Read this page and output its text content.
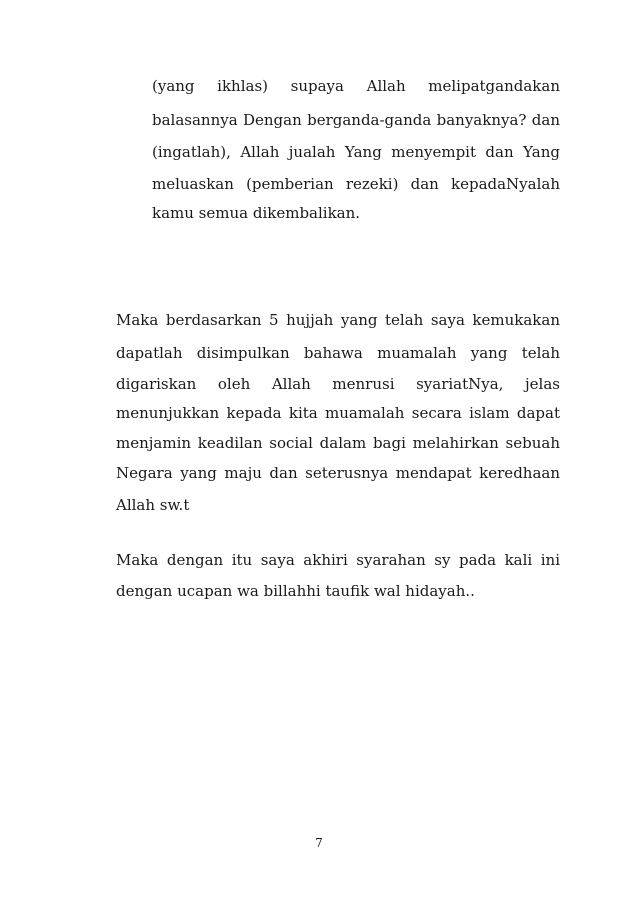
(yang ikhlas) supaya Allah melipatgandakan
balasannya Dengan berganda-ganda banyaknya? dan
(ingatlah), Allah jualah Yang menyempit dan Yang
meluaskan (pemberian rezeki) dan kepadaNyalah
kamu semua dikembalikan.
Maka berdasarkan 5 hujjah yang telah saya kemukakan
dapatlah disimpulkan bahawa muamalah yang telah
digariskan oleh Allah menrusi syariatNya, jelas
menunjukkan kepada kita muamalah secara islam dapat
menjamin keadilan social dalam bagi melahirkan sebuah
Negara yang maju dan seterusnya mendapat keredhaan
Allah sw.t
Maka dengan itu saya akhiri syarahan sy pada kali ini
dengan ucapan wa billahhi taufik wal hidayah..
7
